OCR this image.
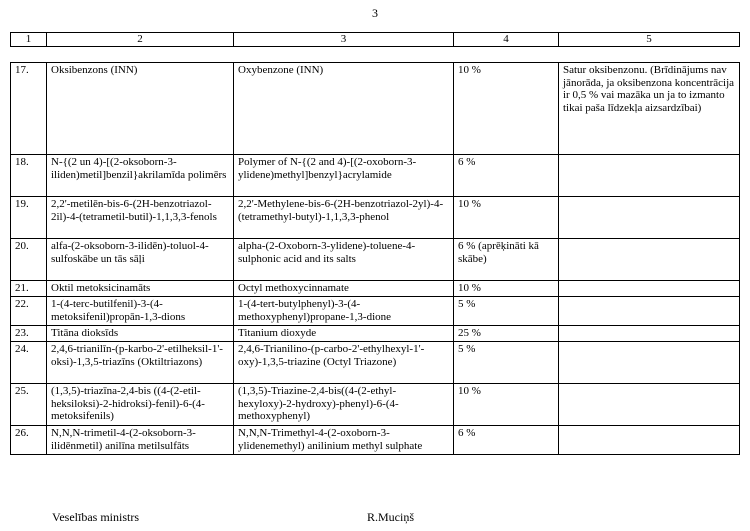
3
1	2	3	4	5
17.	Oksibenzons (INN)	Oxybenzone (INN)	10 %	Satur oksibenzonu. (Brīdinājums nav jānorāda, ja oksibenzona koncentrācija ir 0,5 % vai mazāka un ja to izmanto tikai paša līdzekļa aizsardzībai)
18.	N-{(2 un 4)-[(2-oksoborn-3-iliden)metil]benzil}akrilamīda polimērs	Polymer of N-{(2 and 4)-[(2-oxoborn-3-ylidene)methyl]benzyl}acrylamide	6 %	
19.	2,2'-metilēn-bis-6-(2H-benzotriazol-2il)-4-(tetrametil-butil)-1,1,3,3-fenols	2,2'-Methylene-bis-6-(2H-benzotriazol-2yl)-4-(tetramethyl-butyl)-1,1,3,3-phenol	10 %	
20.	alfa-(2-oksoborn-3-ilidēn)-toluol-4-sulfoskābe un tās sāļi	alpha-(2-Oxoborn-3-ylidene)-toluene-4-sulphonic acid and its salts	6 % (aprēķināti kā skābe)	
21.	Oktil metoksicinamāts	Octyl methoxycinnamate	10 %	
22.	1-(4-terc-butilfenil)-3-(4-metoksifenil)propān-1,3-dions	1-(4-tert-butylphenyl)-3-(4-methoxyphenyl)propane-1,3-dione	5 %	
23.	Titāna dioksīds	Titanium dioxyde	25 %	
24.	2,4,6-trianilīn-(p-karbo-2'-etilheksil-1'-oksi)-1,3,5-triazīns (Oktiltriazons)	2,4,6-Trianilino-(p-carbo-2'-ethylhexyl-1'-oxy)-1,3,5-triazine (Octyl Triazone)	5 %	
25.	(1,3,5)-triazīna-2,4-bis ((4-(2-etil-heksiloksi)-2-hidroksi)-fenil)-6-(4-metoksifenils)	(1,3,5)-Triazine-2,4-bis((4-(2-ethyl-hexyloxy)-2-hydroxy)-phenyl)-6-(4-methoxyphenyl)	10 %	
26.	N,N,N-trimetil-4-(2-oksoborn-3-ilidēnmetil) anilīna metilsulfāts	N,N,N-Trimethyl-4-(2-oxoborn-3-ylidenemethyl) anilinium methyl sulphate	6 %	
Veselības ministrs	R.Muciņš
